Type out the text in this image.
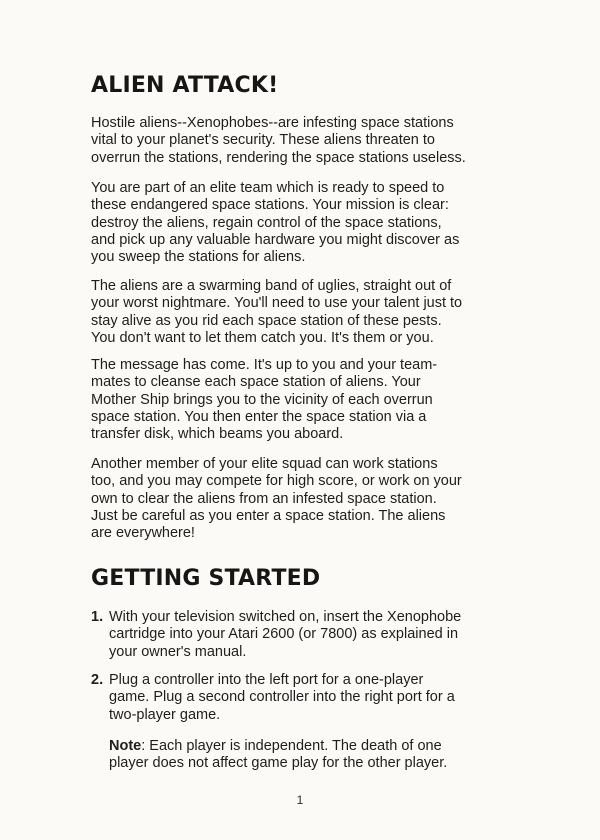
ALIEN ATTACK!

Hostile aliens--Xenophobes--are infesting space stations
vital to your planet's security. These aliens threaten to
overrun the stations, rendering the space stations useless.

You are part of an elite team which is ready to speed to
these endangered space stations. Your mission is clear:
destroy the aliens, regain control of the space stations,
and pick up any valuable hardware you might discover as
you sweep the stations for aliens.

The aliens are a swarming band of uglies, straight out of
your worst nightmare. You'll need to use your talent just to
stay alive as you rid each space station of these pests.
You don't want to let them catch you. It's them or you.

The message has come. It's up to you and your team-
mates to cleanse each space station of aliens. Your
Mother Ship brings you to the vicinity of each overrun
space station. You then enter the space station via a
transfer disk, which beams you aboard.

Another member of your elite squad can work stations
too, and you may compete for high score, or work on your
own to clear the aliens from an infested space station.
Just be careful as you enter a space station. The aliens
are everywhere!

GETTING STARTED
1. With your television switched on, insert the Xenophobe
cartridge into your Atari 2600 (or 7800) as explained in
your owner's manual.
2. Plug a controller into the left port for a one-player
game. Plug a second controller into the right port for a
two-player game.
Note: Each player is independent. The death of one
player does not affect game play for the other player.
1
